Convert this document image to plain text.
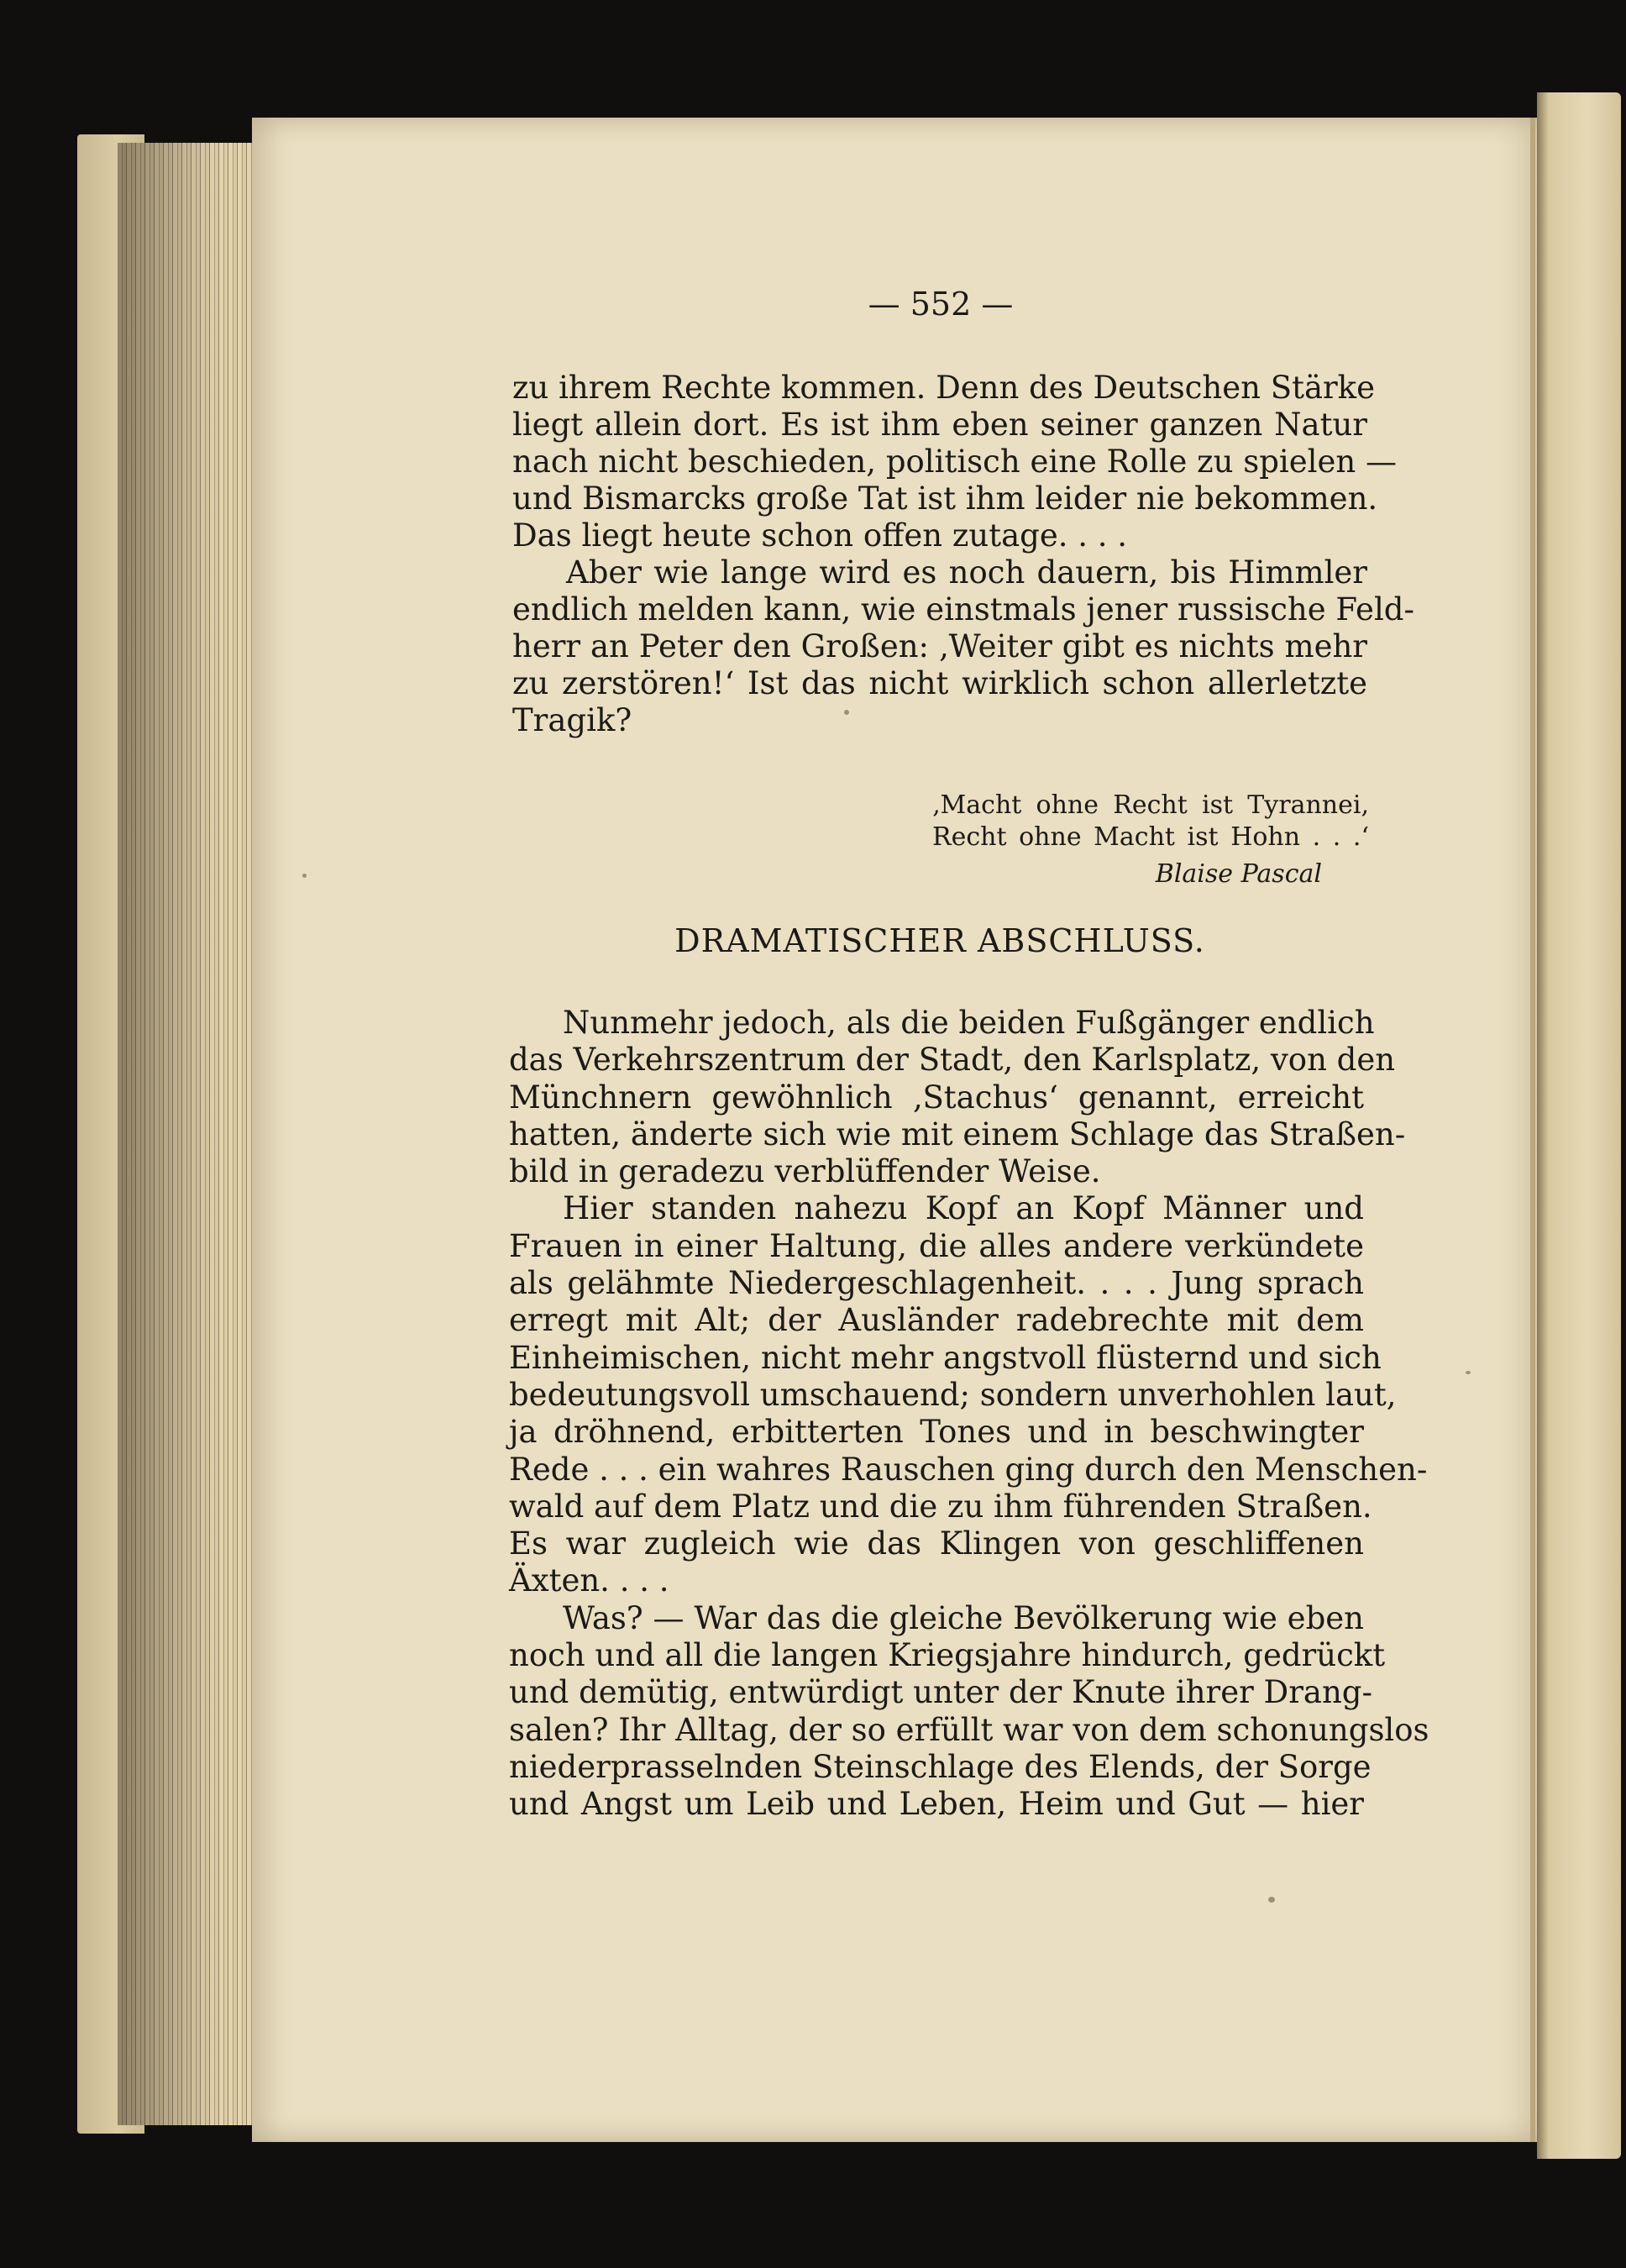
— 552 —
zu ihrem Rechte kommen. Denn des Deutschen Stärke
liegt allein dort. Es ist ihm eben seiner ganzen Natur
nach nicht beschieden, politisch eine Rolle zu spielen —
und Bismarcks große Tat ist ihm leider nie bekommen.
Das liegt heute schon offen zutage. . . .
Aber wie lange wird es noch dauern, bis Himmler
endlich melden kann, wie einstmals jener russische Feld-
herr an Peter den Großen: ‚Weiter gibt es nichts mehr
zu zerstören!‘ Ist das nicht wirklich schon allerletzte
Tragik?
‚Macht ohne Recht ist Tyrannei,
Recht ohne Macht ist Hohn . . .‘
Blaise Pascal
DRAMATISCHER ABSCHLUSS.
Nunmehr jedoch, als die beiden Fußgänger endlich
das Verkehrszentrum der Stadt, den Karlsplatz, von den
Münchnern gewöhnlich ‚Stachus‘ genannt, erreicht
hatten, änderte sich wie mit einem Schlage das Straßen-
bild in geradezu verblüffender Weise.
Hier standen nahezu Kopf an Kopf Männer und
Frauen in einer Haltung, die alles andere verkündete
als gelähmte Niedergeschlagenheit. . . . Jung sprach
erregt mit Alt; der Ausländer radebrechte mit dem
Einheimischen, nicht mehr angstvoll flüsternd und sich
bedeutungsvoll umschauend; sondern unverhohlen laut,
ja dröhnend, erbitterten Tones und in beschwingter
Rede . . . ein wahres Rauschen ging durch den Menschen-
wald auf dem Platz und die zu ihm führenden Straßen.
Es war zugleich wie das Klingen von geschliffenen
Äxten. . . .
Was? — War das die gleiche Bevölkerung wie eben
noch und all die langen Kriegsjahre hindurch, gedrückt
und demütig, entwürdigt unter der Knute ihrer Drang-
salen? Ihr Alltag, der so erfüllt war von dem schonungslos
niederprasselnden Steinschlage des Elends, der Sorge
und Angst um Leib und Leben, Heim und Gut — hier
